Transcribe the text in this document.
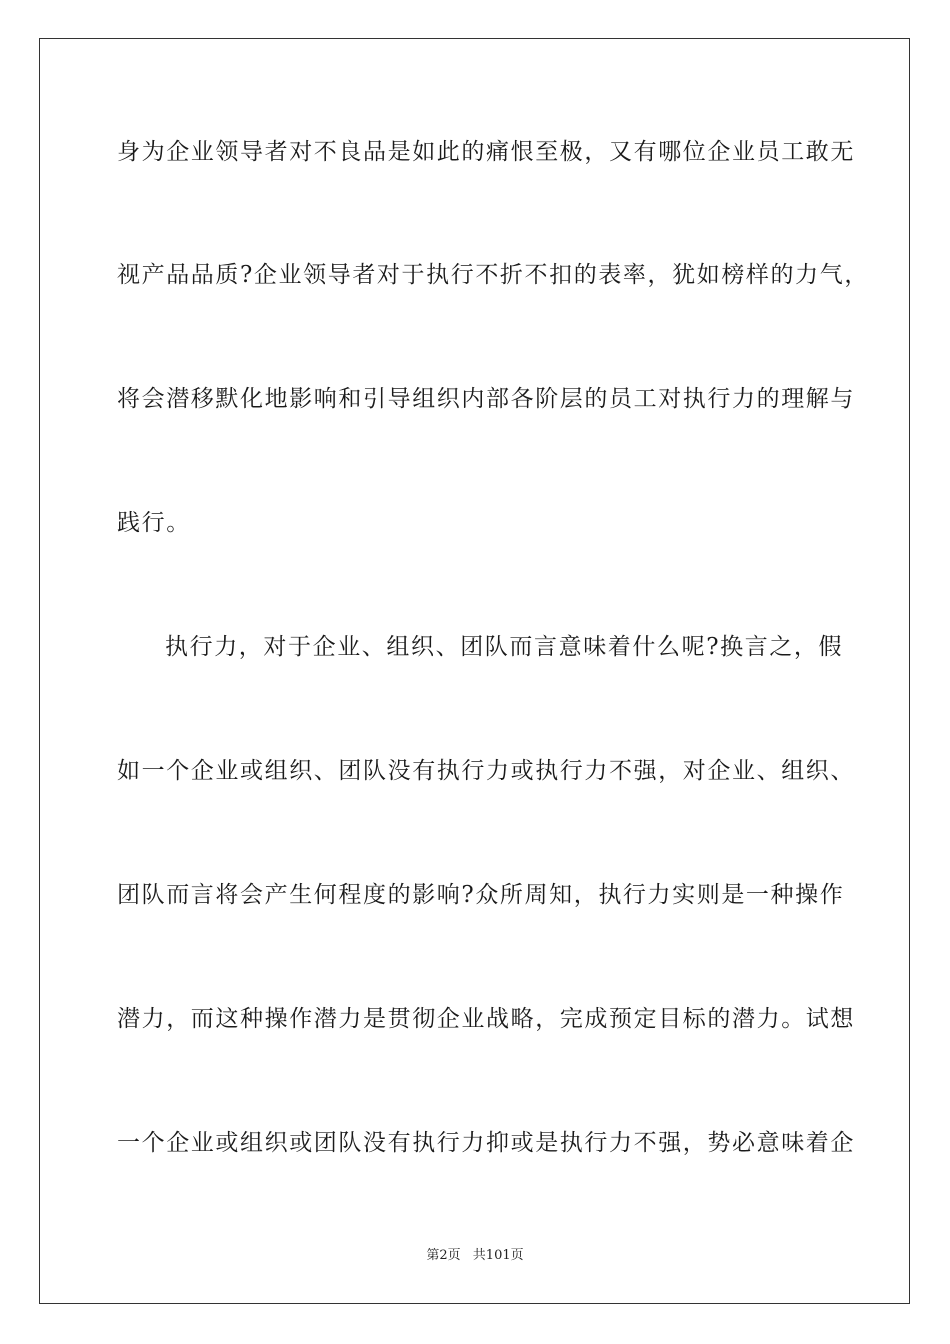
身为企业领导者对不良品是如此的痛恨至极，又有哪位企业员工敢无
视产品品质?企业领导者对于执行不折不扣的表率，犹如榜样的力气，
将会潜移默化地影响和引导组织内部各阶层的员工对执行力的理解与
践行。
执行力，对于企业、组织、团队而言意味着什么呢?换言之，假
如一个企业或组织、团队没有执行力或执行力不强，对企业、组织、
团队而言将会产生何程度的影响?众所周知，执行力实则是一种操作
潜力，而这种操作潜力是贯彻企业战略，完成预定目标的潜力。试想
一个企业或组织或团队没有执行力抑或是执行力不强，势必意味着企
第2页 共101页
